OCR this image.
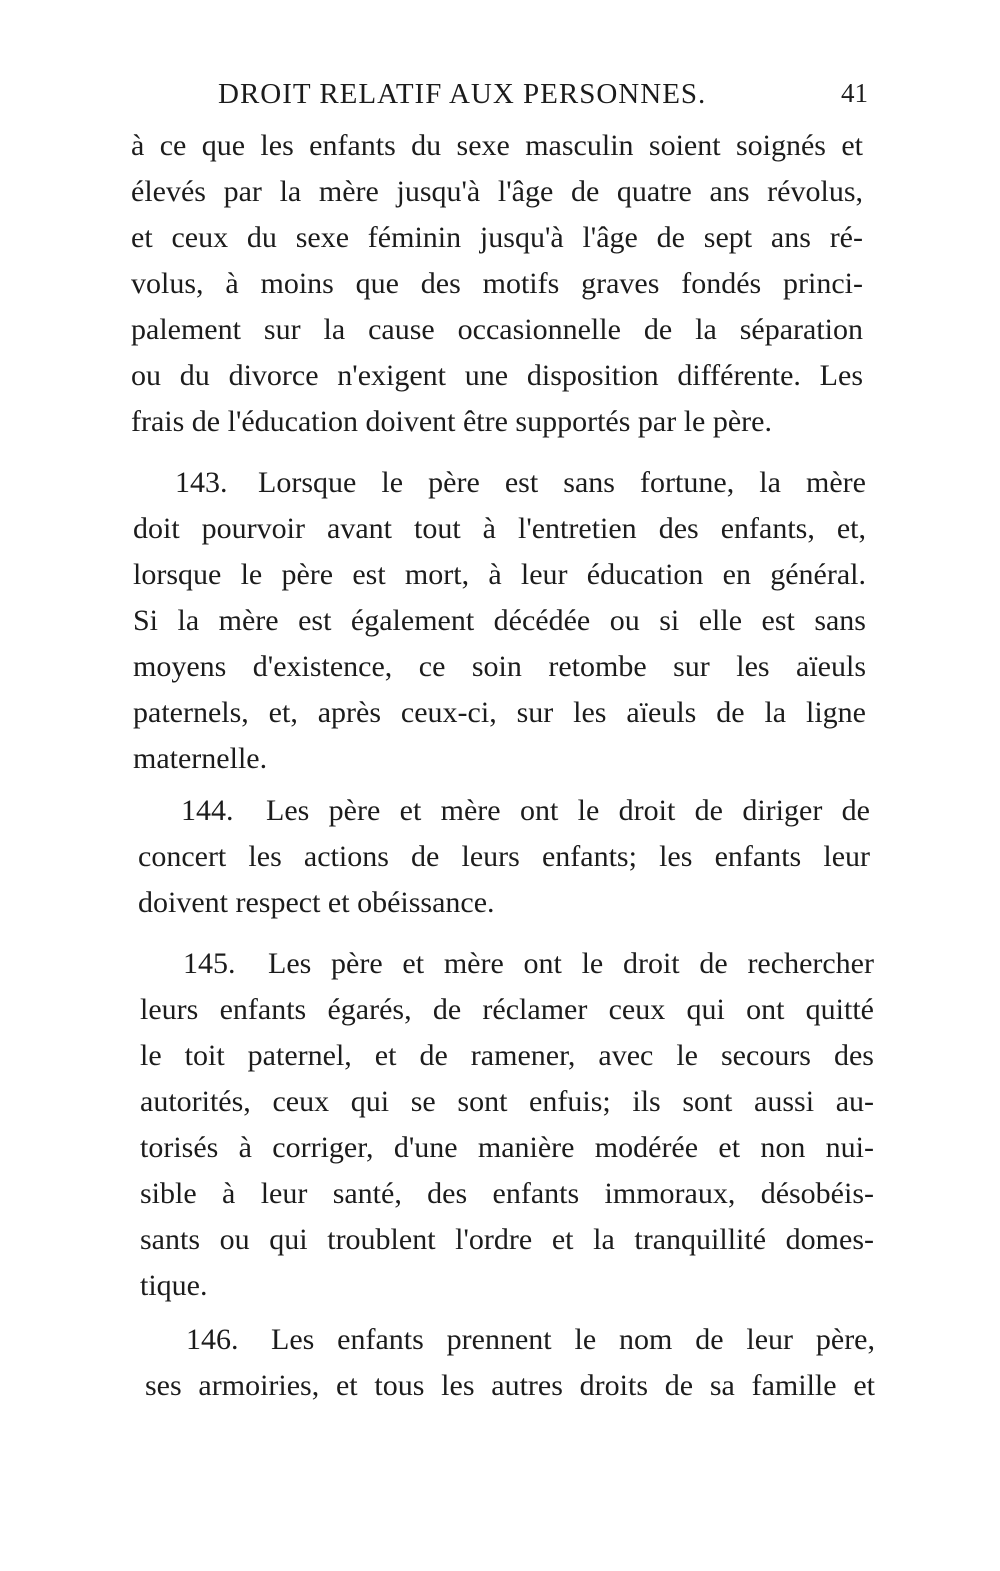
DROIT RELATIF AUX PERSONNES.	41
à ce que les enfants du sexe masculin soient soignés et
élevés par la mère jusqu'à l'âge de quatre ans révolus,
et ceux du sexe féminin jusqu'à l'âge de sept ans ré-
volus, à moins que des motifs graves fondés princi-
palement sur la cause occasionnelle de la séparation
ou du divorce n'exigent une disposition différente. Les
frais de l'éducation doivent être supportés par le père.
143.	Lorsque le père est sans fortune, la mère
doit pourvoir avant tout à l'entretien des enfants, et,
lorsque le père est mort, à leur éducation en général.
Si la mère est également décédée ou si elle est sans
moyens d'existence, ce soin retombe sur les aïeuls
paternels, et, après ceux-ci, sur les aïeuls de la ligne
maternelle.
144.	Les père et mère ont le droit de diriger de
concert les actions de leurs enfants; les enfants leur
doivent respect et obéissance.
145.	Les père et mère ont le droit de rechercher
leurs enfants égarés, de réclamer ceux qui ont quitté
le toit paternel, et de ramener, avec le secours des
autorités, ceux qui se sont enfuis; ils sont aussi au-
torisés à corriger, d'une manière modérée et non nui-
sible à leur santé, des enfants immoraux, désobéis-
sants ou qui troublent l'ordre et la tranquillité domes-
tique.
146.	Les enfants prennent le nom de leur père,
ses armoiries, et tous les autres droits de sa famille et
